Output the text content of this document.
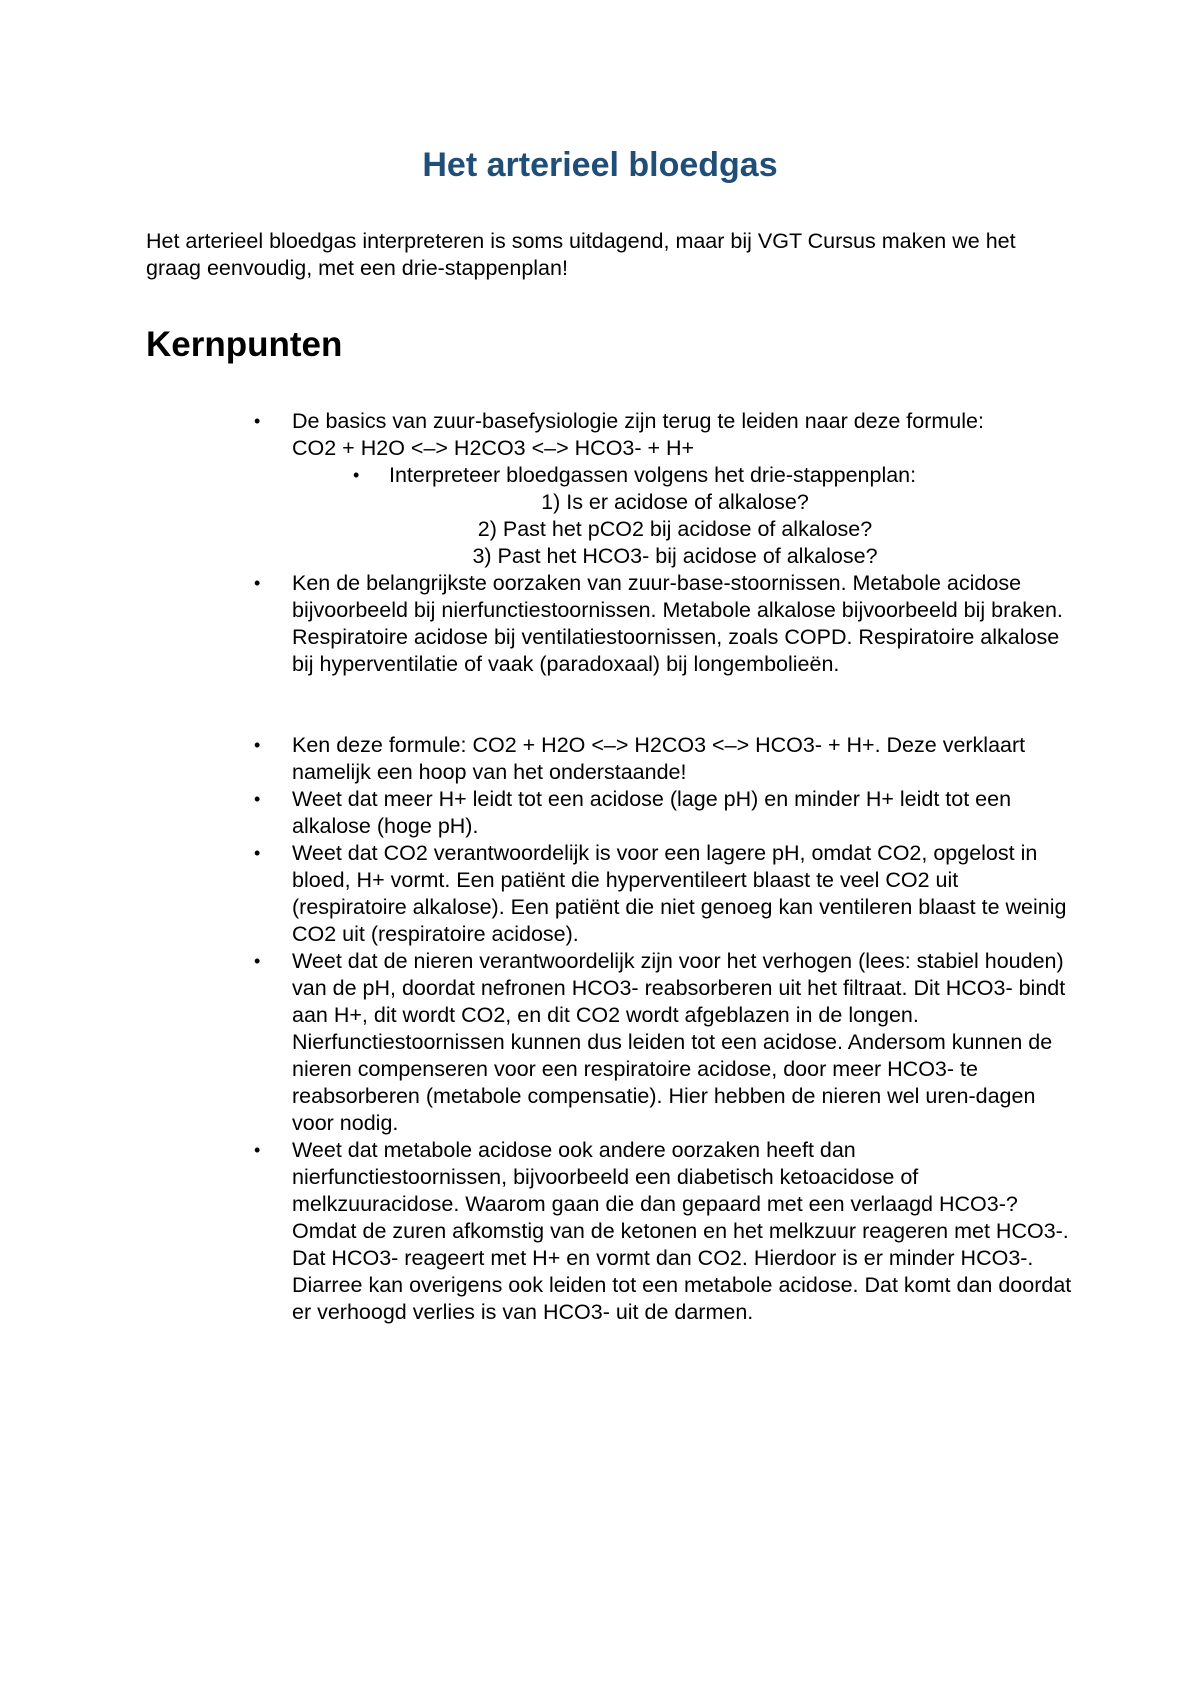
Het arterieel bloedgas

Het arterieel bloedgas interpreteren is soms uitdagend, maar bij VGT Cursus maken we het graag eenvoudig, met een drie-stappenplan!

Kernpunten
• De basics van zuur-basefysiologie zijn terug te leiden naar deze formule:
CO2 + H2O <–> H2CO3 <–> HCO3- + H+
• Interpreteer bloedgassen volgens het drie-stappenplan:
1) Is er acidose of alkalose?
2) Past het pCO2 bij acidose of alkalose?
3) Past het HCO3- bij acidose of alkalose?
• Ken de belangrijkste oorzaken van zuur-base-stoornissen. Metabole acidose bijvoorbeeld bij nierfunctiestoornissen. Metabole alkalose bijvoorbeeld bij braken. Respiratoire acidose bij ventilatiestoornissen, zoals COPD. Respiratoire alkalose bij hyperventilatie of vaak (paradoxaal) bij longembolieën.
• Ken deze formule: CO2 + H2O <–> H2CO3 <–> HCO3- + H+. Deze verklaart namelijk een hoop van het onderstaande!
• Weet dat meer H+ leidt tot een acidose (lage pH) en minder H+ leidt tot een alkalose (hoge pH).
• Weet dat CO2 verantwoordelijk is voor een lagere pH, omdat CO2, opgelost in bloed, H+ vormt. Een patiënt die hyperventileert blaast te veel CO2 uit (respiratoire alkalose). Een patiënt die niet genoeg kan ventileren blaast te weinig CO2 uit (respiratoire acidose).
• Weet dat de nieren verantwoordelijk zijn voor het verhogen (lees: stabiel houden) van de pH, doordat nefronen HCO3- reabsorberen uit het filtraat. Dit HCO3- bindt aan H+, dit wordt CO2, en dit CO2 wordt afgeblazen in de longen. Nierfunctiestoornissen kunnen dus leiden tot een acidose. Andersom kunnen de nieren compenseren voor een respiratoire acidose, door meer HCO3- te reabsorberen (metabole compensatie). Hier hebben de nieren wel uren-dagen voor nodig.
• Weet dat metabole acidose ook andere oorzaken heeft dan nierfunctiestoornissen, bijvoorbeeld een diabetisch ketoacidose of melkzuuracidose. Waarom gaan die dan gepaard met een verlaagd HCO3-? Omdat de zuren afkomstig van de ketonen en het melkzuur reageren met HCO3-. Dat HCO3- reageert met H+ en vormt dan CO2. Hierdoor is er minder HCO3-. Diarree kan overigens ook leiden tot een metabole acidose. Dat komt dan doordat er verhoogd verlies is van HCO3- uit de darmen.
